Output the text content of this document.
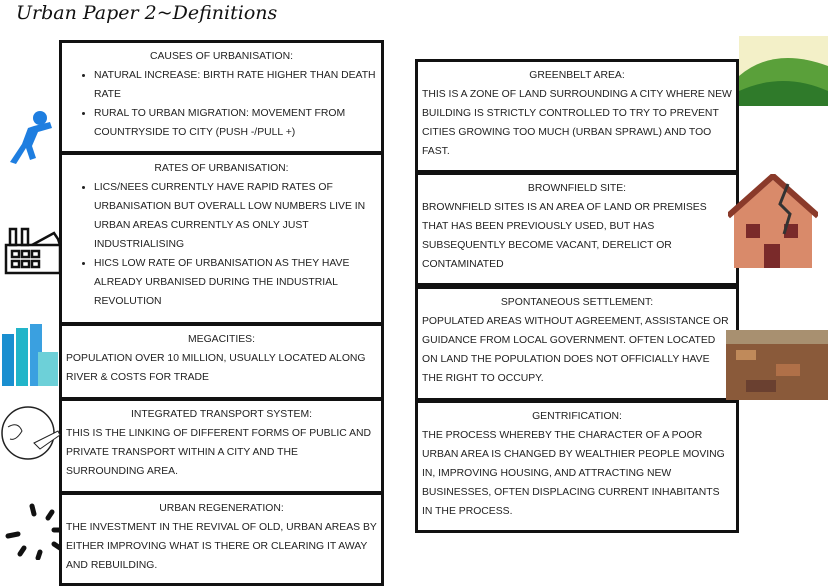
Urban Paper 2~Definitions
CAUSES OF URBANISATION:
• NATURAL INCREASE: BIRTH RATE HIGHER THAN DEATH RATE
• RURAL TO URBAN MIGRATION: MOVEMENT FROM COUNTRYSIDE TO CITY (PUSH -/PULL +)
RATES OF URBANISATION:
• LICS/NEES CURRENTLY HAVE RAPID RATES OF URBANISATION BUT OVERALL LOW NUMBERS LIVE IN URBAN AREAS CURRENTLY AS ONLY JUST INDUSTRIALISING
• HICS LOW RATE OF URBANISATION AS THEY HAVE ALREADY URBANISED DURING THE INDUSTRIAL REVOLUTION
MEGACITIES:
POPULATION OVER 10 MILLION, USUALLY LOCATED ALONG RIVER & COSTS FOR TRADE
INTEGRATED TRANSPORT SYSTEM:
THIS IS THE LINKING OF DIFFERENT FORMS OF PUBLIC AND PRIVATE TRANSPORT WITHIN A CITY AND THE SURROUNDING AREA.
URBAN REGENERATION:
THE INVESTMENT IN THE REVIVAL OF OLD, URBAN AREAS BY EITHER IMPROVING WHAT IS THERE OR CLEARING IT AWAY AND REBUILDING.
GREENBELT AREA:
THIS IS A ZONE OF LAND SURROUNDING A CITY WHERE NEW BUILDING IS STRICTLY CONTROLLED TO TRY TO PREVENT CITIES GROWING TOO MUCH (URBAN SPRAWL) AND TOO FAST.
BROWNFIELD SITE:
BROWNFIELD SITES IS AN AREA OF LAND OR PREMISES THAT HAS BEEN PREVIOUSLY USED, BUT HAS SUBSEQUENTLY BECOME VACANT, DERELICT OR CONTAMINATED
SPONTANEOUS SETTLEMENT:
POPULATED AREAS WITHOUT AGREEMENT, ASSISTANCE OR GUIDANCE FROM LOCAL GOVERNMENT. OFTEN LOCATED ON LAND THE POPULATION DOES NOT OFFICIALLY HAVE THE RIGHT TO OCCUPY.
GENTRIFICATION:
THE PROCESS WHEREBY THE CHARACTER OF A POOR URBAN AREA IS CHANGED BY WEALTHIER PEOPLE MOVING IN, IMPROVING HOUSING, AND ATTRACTING NEW BUSINESSES, OFTEN DISPLACING CURRENT INHABITANTS IN THE PROCESS.
